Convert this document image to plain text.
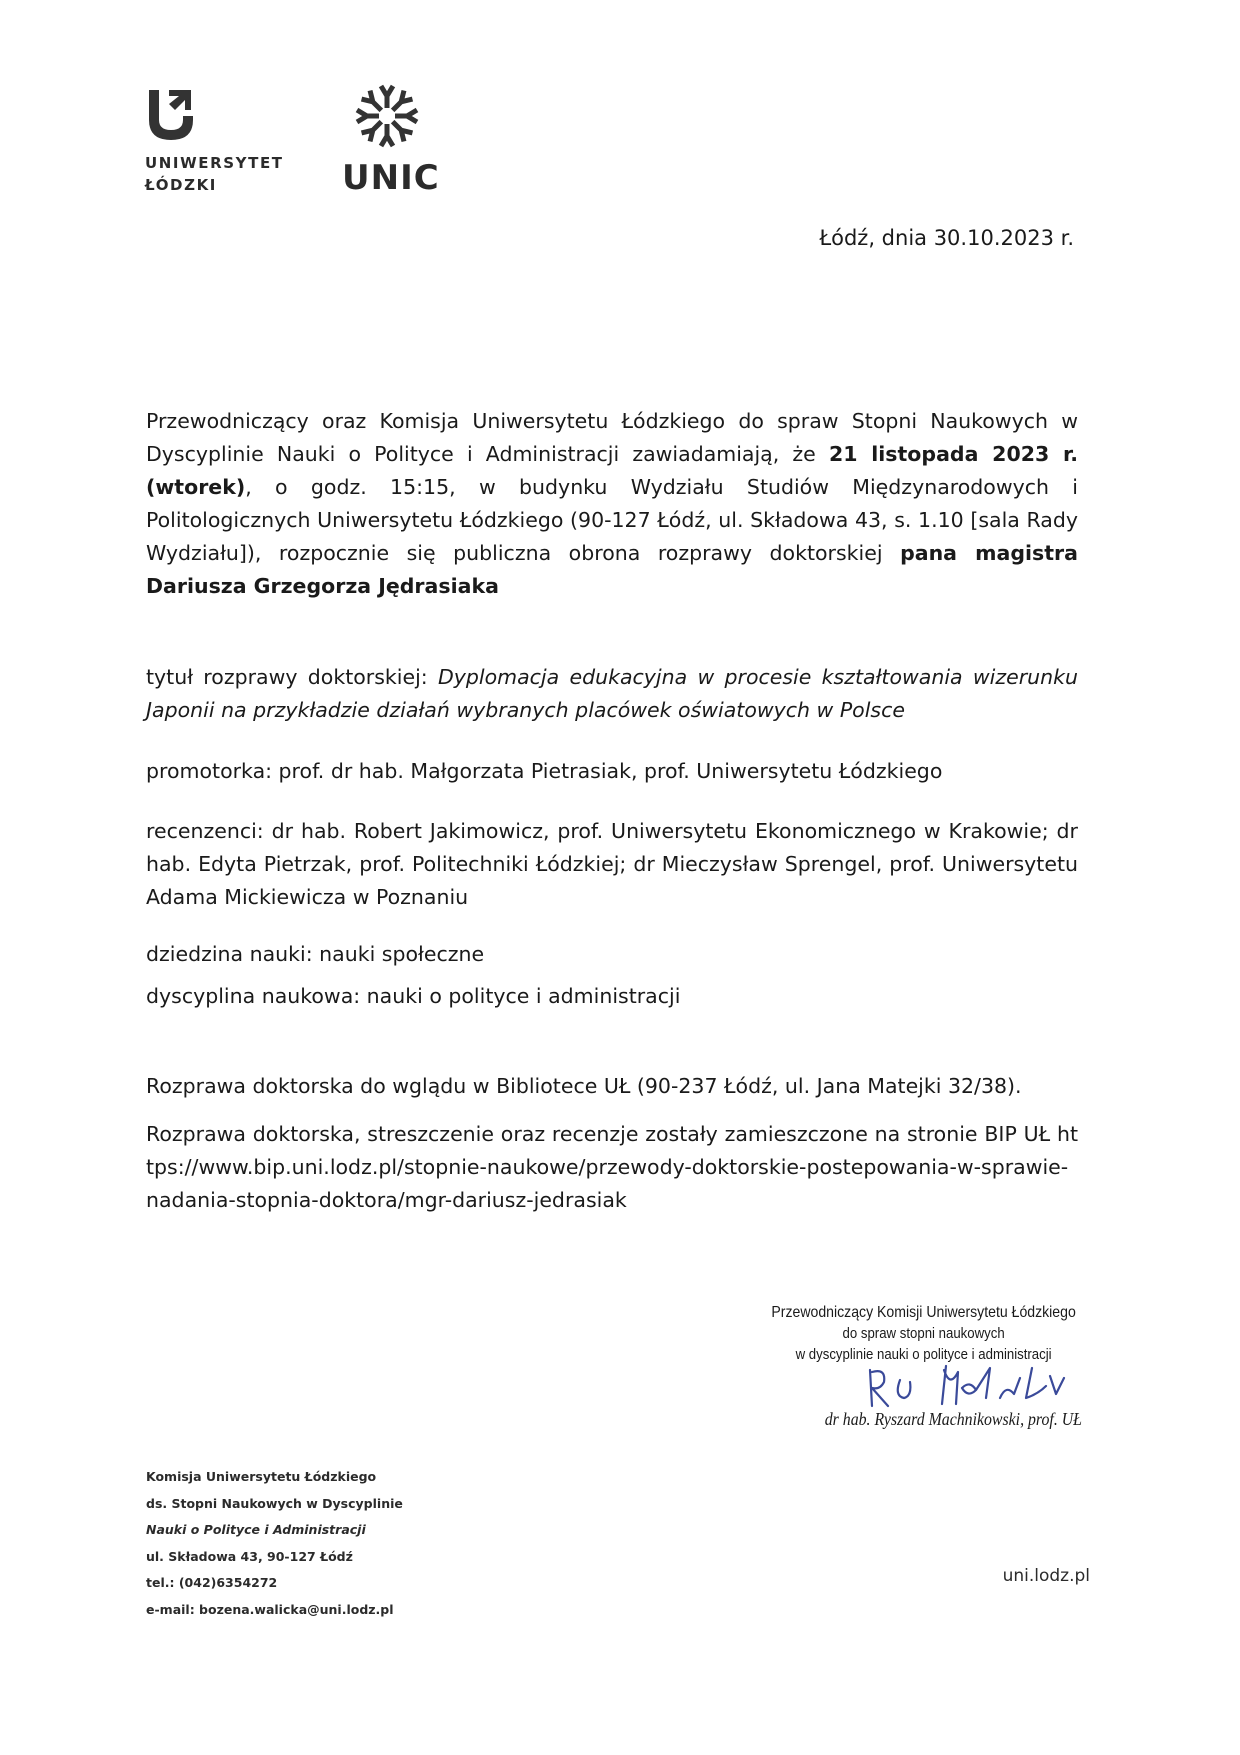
UNIWERSYTET
ŁÓDZKI	UNIC
Łódź, dnia 30.10.2023 r.

Przewodniczący oraz Komisja Uniwersytetu Łódzkiego do spraw Stopni Naukowych w Dyscyplinie Nauki o Polityce i Administracji zawiadamiają, że 21 listopada 2023 r. (wtorek), o godz. 15:15, w budynku Wydziału Studiów Międzynarodowych i Politologicznych Uniwersytetu Łódzkiego (90-127 Łódź, ul. Składowa 43, s. 1.10 [sala Rady Wydziału]), rozpocznie się publiczna obrona rozprawy doktorskiej pana magistra Dariusza Grzegorza Jędrasiaka

tytuł rozprawy doktorskiej: Dyplomacja edukacyjna w procesie kształtowania wizerunku Japonii na przykładzie działań wybranych placówek oświatowych w Polsce

promotorka: prof. dr hab. Małgorzata Pietrasiak, prof. Uniwersytetu Łódzkiego

recenzenci: dr hab. Robert Jakimowicz, prof. Uniwersytetu Ekonomicznego w Krakowie; dr hab. Edyta Pietrzak, prof. Politechniki Łódzkiej; dr Mieczysław Sprengel, prof. Uniwersytetu Adama Mickiewicza w Poznaniu

dziedzina nauki: nauki społeczne

dyscyplina naukowa: nauki o polityce i administracji

Rozprawa doktorska do wglądu w Bibliotece UŁ (90-237 Łódź, ul. Jana Matejki 32/38).

Rozprawa doktorska, streszczenie oraz recenzje zostały zamieszczone na stronie BIP UŁ https://www.bip.uni.lodz.pl/stopnie-naukowe/przewody-doktorskie-postepowania-w-sprawie-nadania-stopnia-doktora/mgr-dariusz-jedrasiak

Przewodniczący Komisji Uniwersytetu Łódzkiego
do spraw stopni naukowych
w dyscyplinie nauki o polityce i administracji
dr hab. Ryszard Machnikowski, prof. UŁ
Komisja Uniwersytetu Łódzkiego
ds. Stopni Naukowych w Dyscyplinie
Nauki o Polityce i Administracji
ul. Składowa 43, 90-127 Łódź
tel.: (042)6354272
e-mail: bozena.walicka@uni.lodz.pl
uni.lodz.pl
